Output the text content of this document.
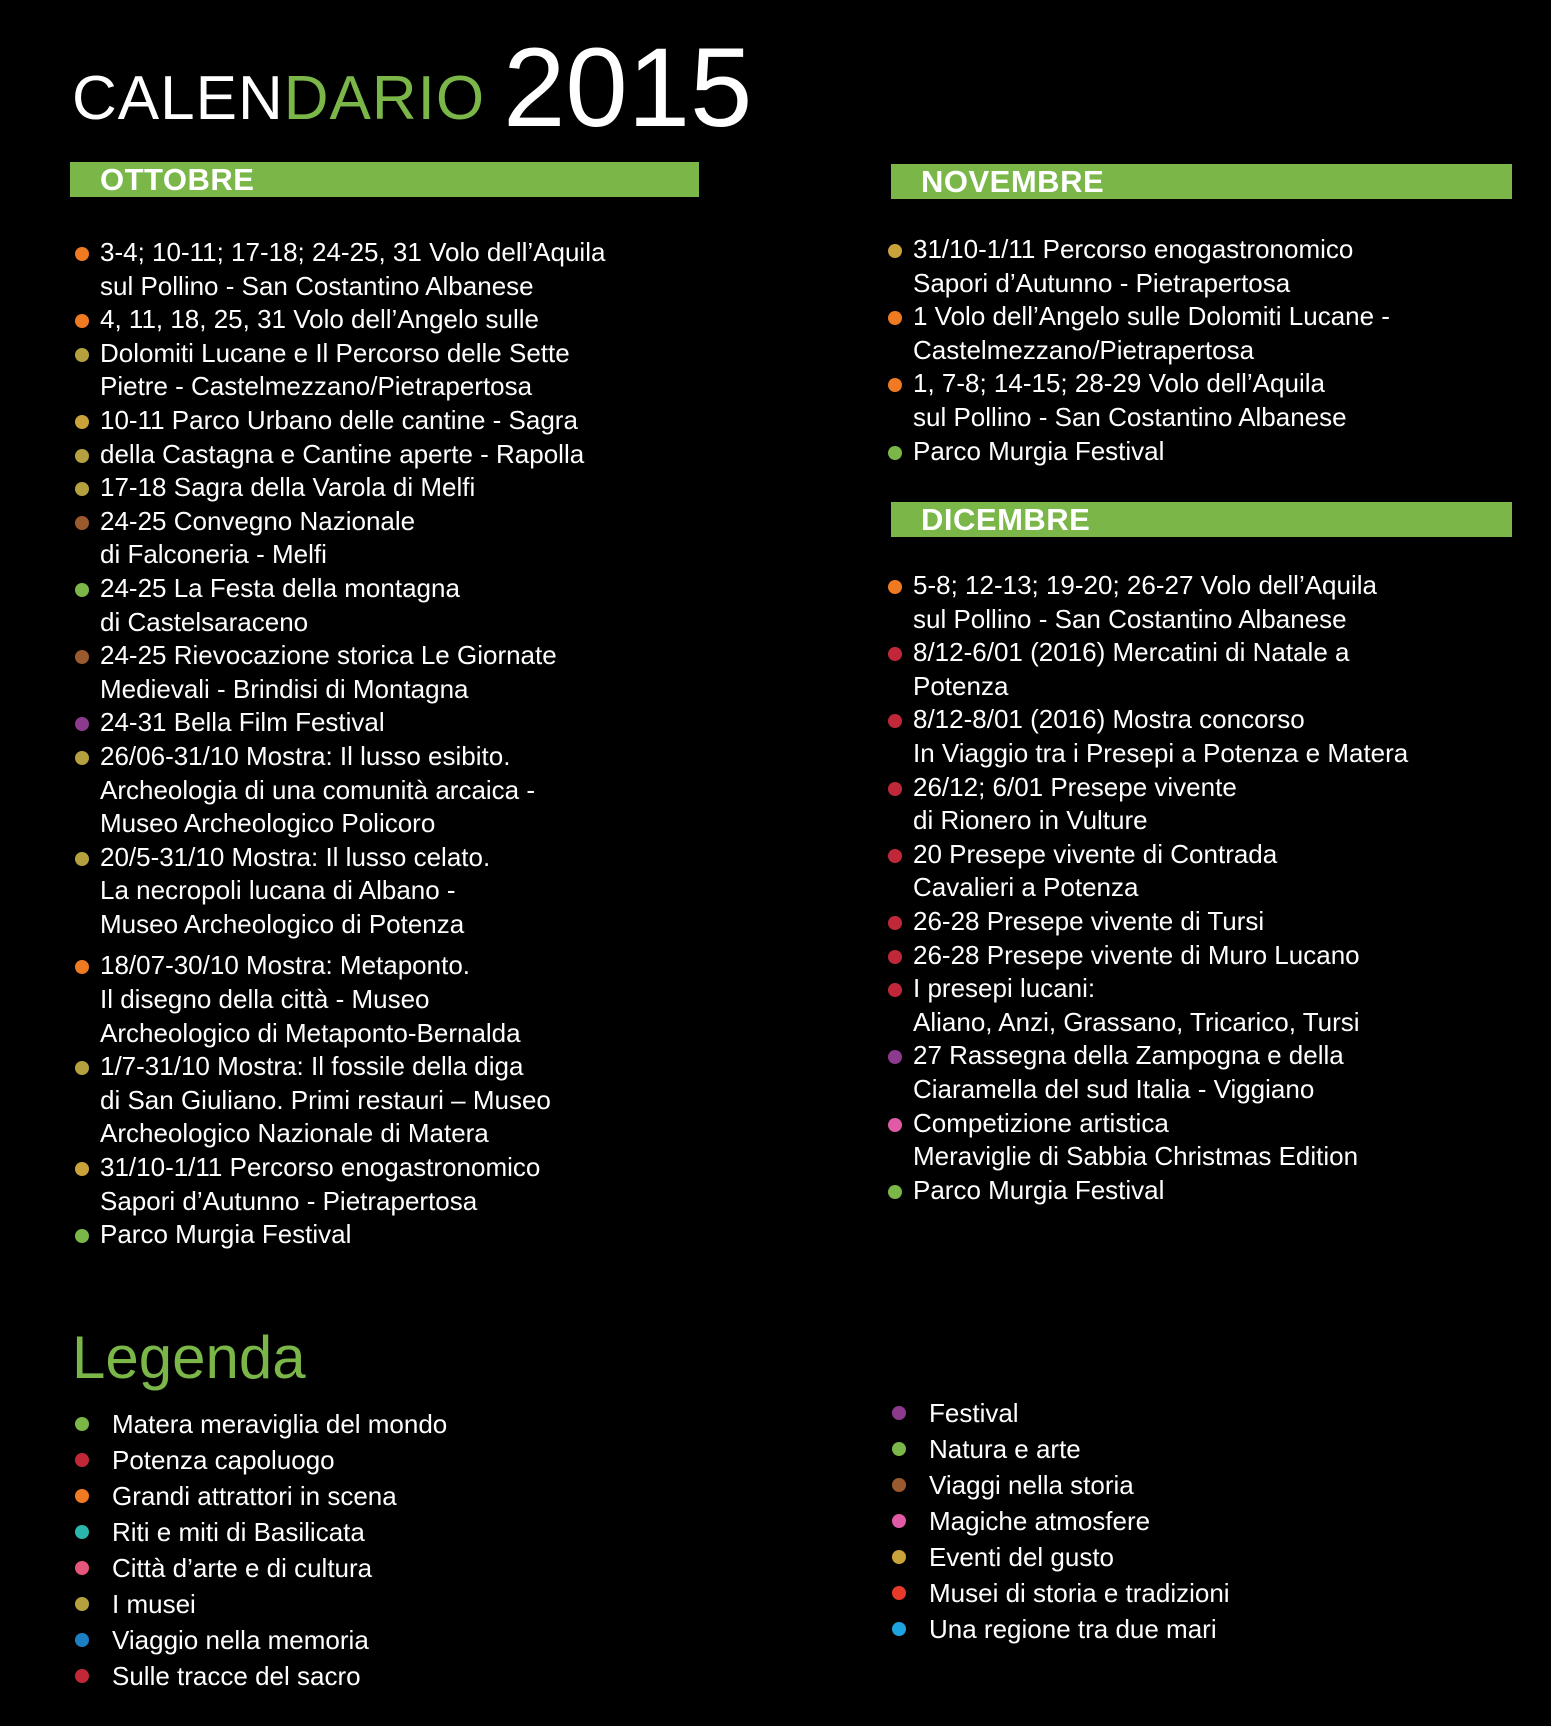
CALEN DARIO 2015
OTTOBRE
3-4; 10-11; 17-18; 24-25, 31 Volo dell’Aquila
sul Pollino - San Costantino Albanese
4, 11, 18, 25, 31 Volo dell’Angelo sulle
Dolomiti Lucane e Il Percorso delle Sette
Pietre - Castelmezzano/Pietrapertosa
10-11 Parco Urbano delle cantine - Sagra
della Castagna e Cantine aperte - Rapolla
17-18 Sagra della Varola di Melfi
24-25 Convegno Nazionale
di Falconeria - Melfi
24-25 La Festa della montagna
di Castelsaraceno
24-25 Rievocazione storica Le Giornate
Medievali - Brindisi di Montagna
24-31 Bella Film Festival
26/06-31/10 Mostra: Il lusso esibito.
Archeologia di una comunità arcaica -
Museo Archeologico Policoro
20/5-31/10 Mostra: Il lusso celato.
La necropoli lucana di Albano -
Museo Archeologico di Potenza
18/07-30/10 Mostra: Metaponto.
Il disegno della città - Museo
Archeologico di Metaponto-Bernalda
1/7-31/10 Mostra: Il fossile della diga
di San Giuliano. Primi restauri – Museo
Archeologico Nazionale di Matera
31/10-1/11 Percorso enogastronomico
Sapori d’Autunno - Pietrapertosa
Parco Murgia Festival
NOVEMBRE
31/10-1/11 Percorso enogastronomico
Sapori d’Autunno - Pietrapertosa
1 Volo dell’Angelo sulle Dolomiti Lucane -
Castelmezzano/Pietrapertosa
1, 7-8; 14-15; 28-29 Volo dell’Aquila
sul Pollino - San Costantino Albanese
Parco Murgia Festival
DICEMBRE
5-8; 12-13; 19-20; 26-27 Volo dell’Aquila
sul Pollino - San Costantino Albanese
8/12-6/01 (2016) Mercatini di Natale a
Potenza
8/12-8/01 (2016) Mostra concorso
In Viaggio tra i Presepi a Potenza e Matera
26/12; 6/01 Presepe vivente
di Rionero in Vulture
20 Presepe vivente di Contrada
Cavalieri a Potenza
26-28 Presepe vivente di Tursi
26-28 Presepe vivente di Muro Lucano
I presepi lucani:
Aliano, Anzi, Grassano, Tricarico, Tursi
27 Rassegna della Zampogna e della
Ciaramella del sud Italia - Viggiano
Competizione artistica
Meraviglie di Sabbia Christmas Edition
Parco Murgia Festival
Legenda
Matera meraviglia del mondo
Potenza capoluogo
Grandi attrattori in scena
Riti e miti di Basilicata
Città d’arte e di cultura
I musei
Viaggio nella memoria
Sulle tracce del sacro
Festival
Natura e arte
Viaggi nella storia
Magiche atmosfere
Eventi del gusto
Musei di storia e tradizioni
Una regione tra due mari
